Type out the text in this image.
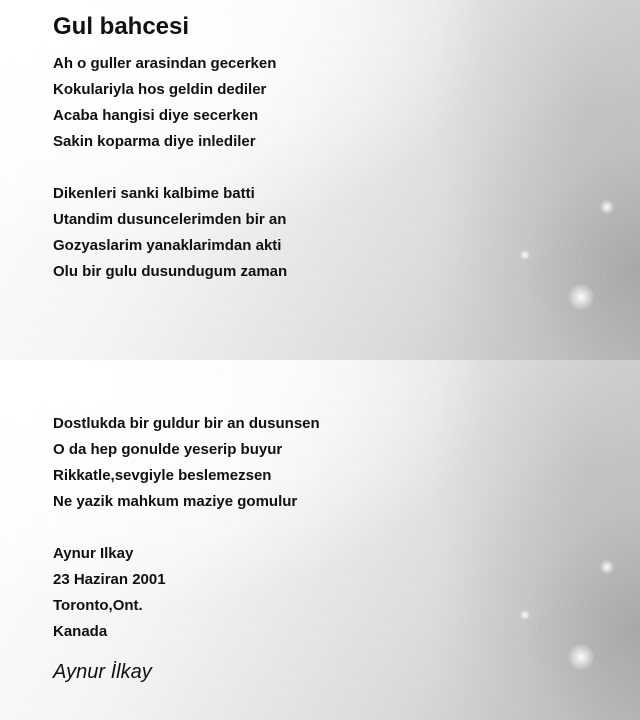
Gul bahcesi
Ah o guller arasindan gecerken
Kokulariyla hos geldin dediler
Acaba hangisi diye secerken
Sakin koparma diye inlediler
Dikenleri sanki kalbime batti
Utandim dusuncelerimden bir an
Gozyaslarim yanaklarimdan akti
Olu bir gulu dusundugum zaman
Dostlukda bir guldur bir an dusunsen
O da hep gonulde yeserip buyur
Rikkatle,sevgiyle beslemezsen
Ne yazik mahkum maziye gomulur
Aynur Ilkay
23 Haziran 2001
Toronto,Ont.
Kanada
Aynur İlkay
